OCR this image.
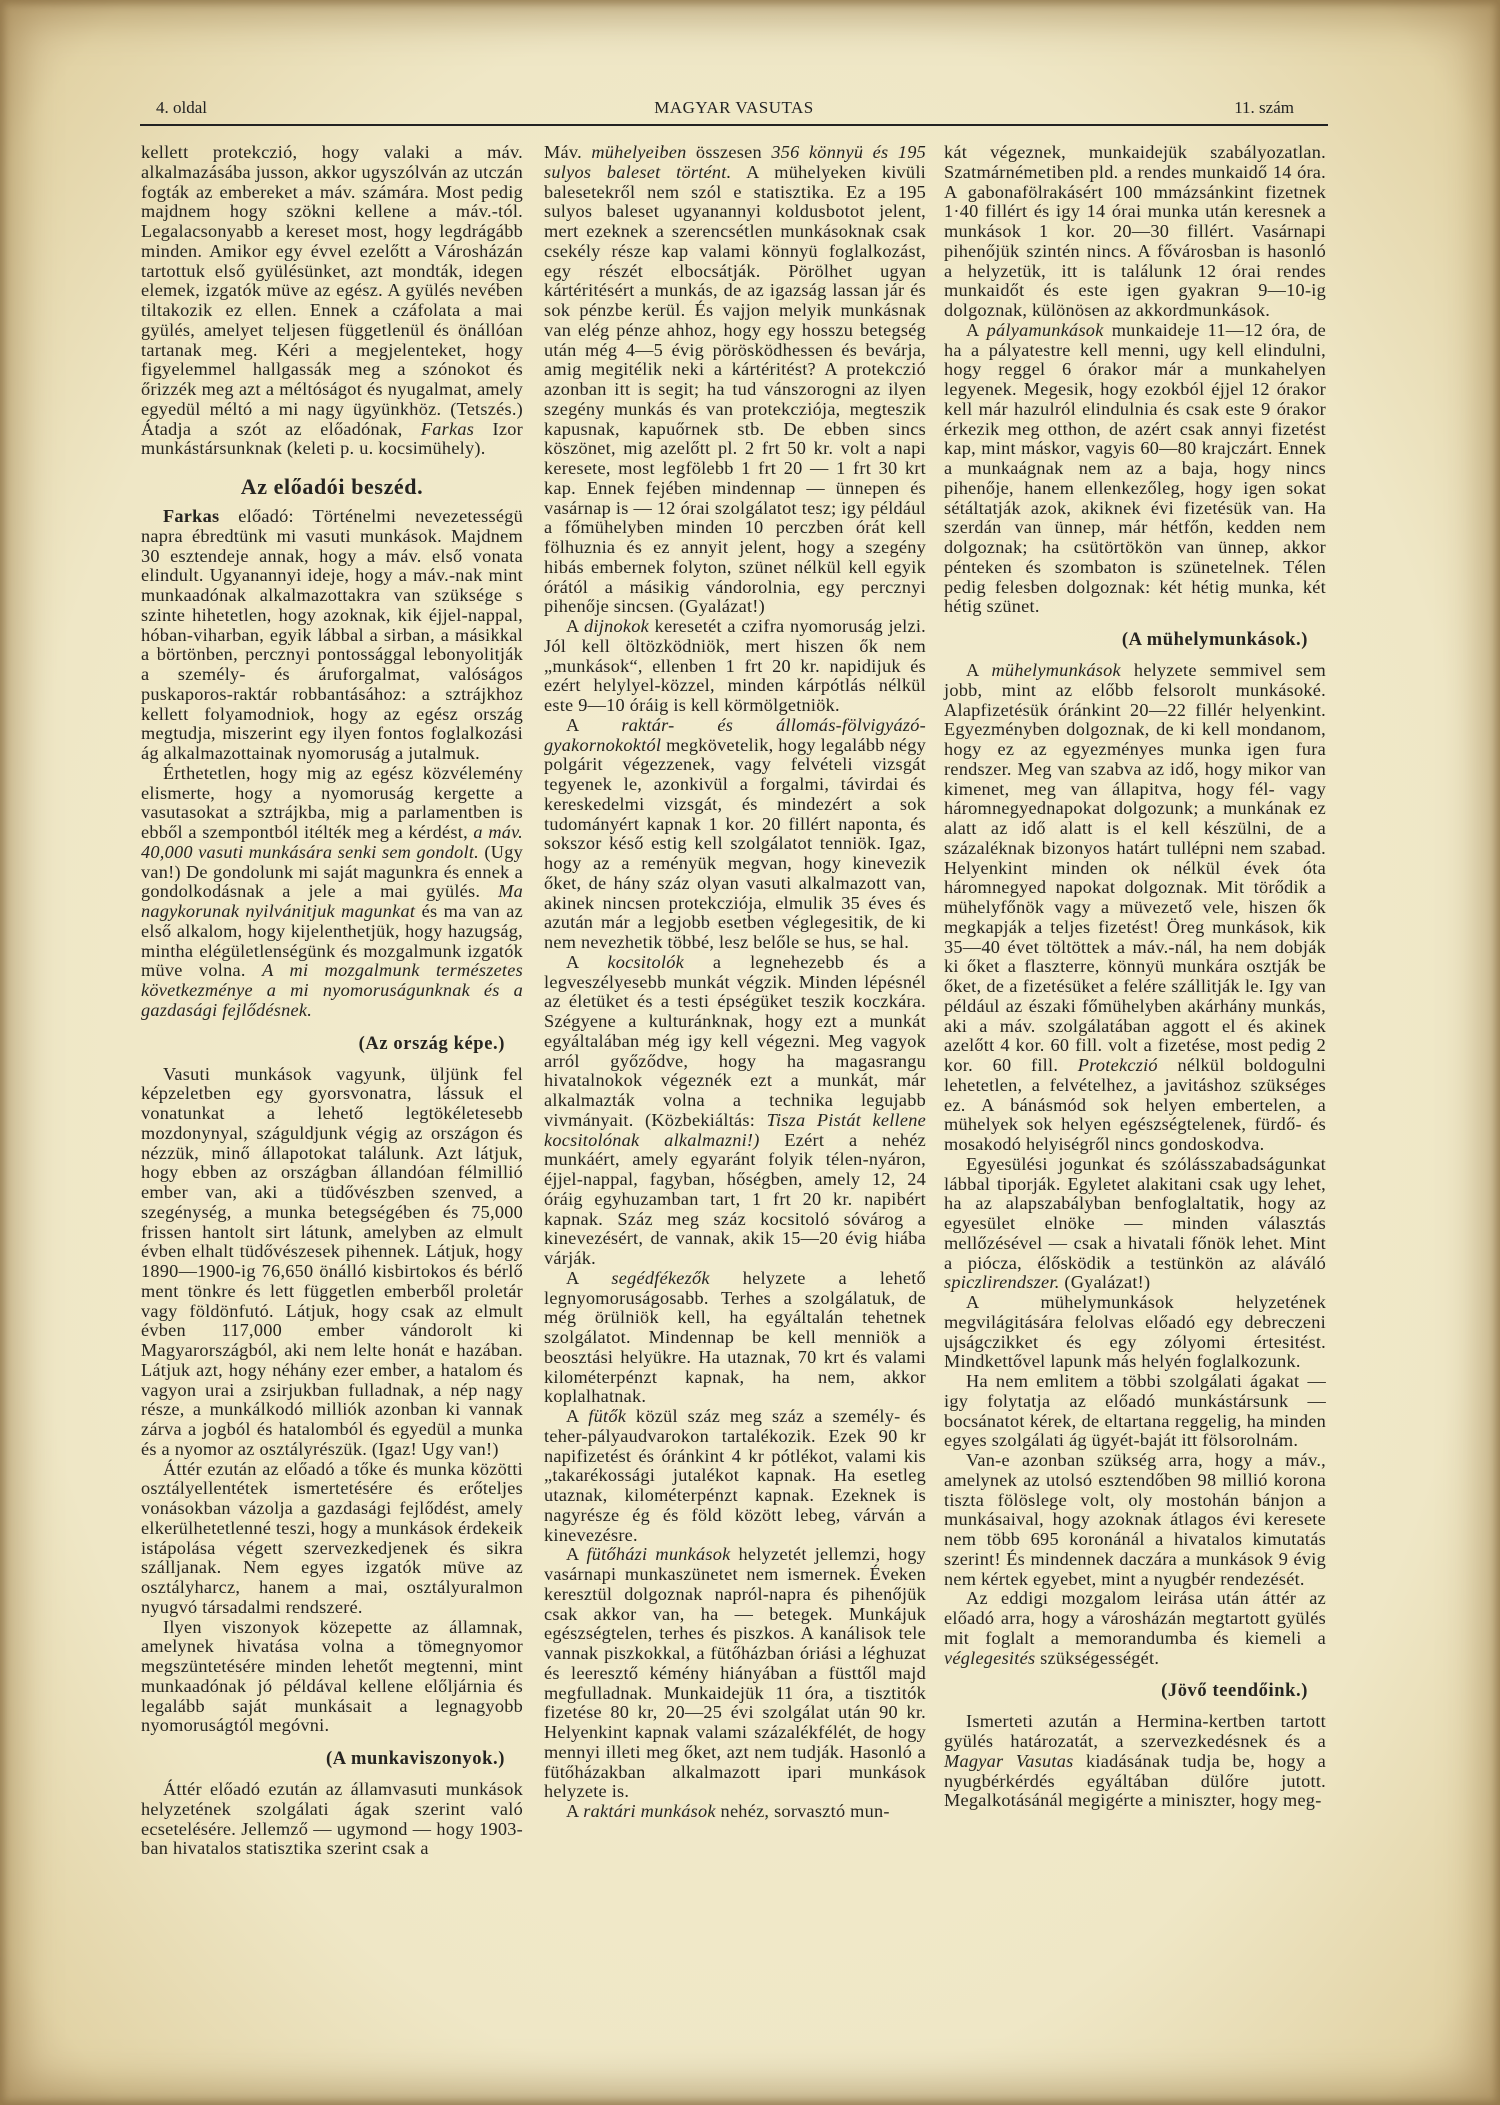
4. oldal	MAGYAR VASUTAS	11. szám

kellett protekczió, hogy valaki a máv. alkalmazásába jusson, akkor ugyszólván az utczán fogták az embereket a máv. számára. Most pedig majdnem hogy szökni kellene a máv.-tól. Legalacsonyabb a kereset most, hogy legdrágább minden. Amikor egy évvel ezelőtt a Városházán tartottuk első gyülésünket, azt mondták, idegen elemek, izgatók müve az egész. A gyülés nevében tiltakozik ez ellen. Ennek a czáfolata a mai gyülés, amelyet teljesen függetlenül és önállóan tartanak meg. Kéri a megjelenteket, hogy figyelemmel hallgassák meg a szónokot és őrizzék meg azt a méltóságot és nyugalmat, amely egyedül méltó a mi nagy ügyünkhöz. (Tetszés.) Átadja a szót az előadónak, Farkas Izor munkástársunknak (keleti p. u. kocsimühely).

Az előadói beszéd.

Farkas előadó: Történelmi nevezetességü napra ébredtünk mi vasuti munkások. Majdnem 30 esztendeje annak, hogy a máv. első vonata elindult. Ugyanannyi ideje, hogy a máv.-nak mint munkaadónak alkalmazottakra van szüksége s szinte hihetetlen, hogy azoknak, kik éjjel-nappal, hóban-viharban, egyik lábbal a sirban, a másikkal a börtönben, percznyi pontossággal lebonyolitják a személy- és áruforgalmat, valóságos puskaporos-raktár robbantásához: a sztrájkhoz kellett folyamodniok, hogy az egész ország megtudja, miszerint egy ilyen fontos foglalkozási ág alkalmazottainak nyomoruság a jutalmuk.

Érthetetlen, hogy mig az egész közvélemény elismerte, hogy a nyomoruság kergette a vasutasokat a sztrájkba, mig a parlamentben is ebből a szempontból itélték meg a kérdést, a máv. 40,000 vasuti munkására senki sem gondolt. (Ugy van!) De gondolunk mi saját magunkra és ennek a gondolkodásnak a jele a mai gyülés. Ma nagykorunak nyilvánitjuk magunkat és ma van az első alkalom, hogy kijelenthetjük, hogy hazugság, mintha elégületlenségünk és mozgalmunk izgatók müve volna. A mi mozgalmunk természetes következménye a mi nyomoruságunknak és a gazdasági fejlődésnek.

(Az ország képe.)

Vasuti munkások vagyunk, üljünk fel képzeletben egy gyorsvonatra, lássuk el vonatunkat a lehető legtökéletesebb mozdonynyal, száguldjunk végig az országon és nézzük, minő állapotokat találunk. Azt látjuk, hogy ebben az országban állandóan félmillió ember van, aki a tüdővészben szenved, a szegénység, a munka betegségében és 75,000 frissen hantolt sirt látunk, amelyben az elmult évben elhalt tüdővészesek pihennek. Látjuk, hogy 1890—1900-ig 76,650 önálló kisbirtokos és bérlő ment tönkre és lett független emberből proletár vagy földönfutó. Látjuk, hogy csak az elmult évben 117,000 ember vándorolt ki Magyarországból, aki nem lelte honát e hazában. Látjuk azt, hogy néhány ezer ember, a hatalom és vagyon urai a zsirjukban fulladnak, a nép nagy része, a munkálkodó milliók azonban ki vannak zárva a jogból és hatalomból és egyedül a munka és a nyomor az osztályrészük. (Igaz! Ugy van!)

Áttér ezután az előadó a tőke és munka közötti osztályellentétek ismertetésére és erőteljes vonásokban vázolja a gazdasági fejlődést, amely elkerülhetetlenné teszi, hogy a munkások érdekeik istápolása végett szervezkedjenek és sikra szálljanak. Nem egyes izgatók müve az osztályharcz, hanem a mai, osztályuralmon nyugvó társadalmi rendszeré.

Ilyen viszonyok közepette az államnak, amelynek hivatása volna a tömegnyomor megszüntetésére minden lehetőt megtenni, mint munkaadónak jó példával kellene előljárnia és legalább saját munkásait a legnagyobb nyomoruságtól megóvni.

(A munkaviszonyok.)

Áttér előadó ezután az államvasuti munkások helyzetének szolgálati ágak szerint való ecsetelésére. Jellemző — ugymond — hogy 1903-ban hivatalos statisztika szerint csak a

Máv. mühelyeiben összesen 356 könnyü és 195 sulyos baleset történt. A mühelyeken kivüli balesetekről nem szól e statisztika. Ez a 195 sulyos baleset ugyanannyi koldusbotot jelent, mert ezeknek a szerencsétlen munkásoknak csak csekély része kap valami könnyü foglalkozást, egy részét elbocsátják. Pörölhet ugyan kártéritésért a munkás, de az igazság lassan jár és sok pénzbe kerül. És vajjon melyik munkásnak van elég pénze ahhoz, hogy egy hosszu betegség után még 4—5 évig pörösködhessen és bevárja, amig megitélik neki a kártéritést? A protekczió azonban itt is segit; ha tud vánszorogni az ilyen szegény munkás és van protekcziója, megteszik kapusnak, kapuőrnek stb. De ebben sincs köszönet, mig azelőtt pl. 2 frt 50 kr. volt a napi keresete, most legfölebb 1 frt 20 — 1 frt 30 krt kap. Ennek fejében mindennap — ünnepen és vasárnap is — 12 órai szolgálatot tesz; igy például a főmühelyben minden 10 perczben órát kell fölhuznia és ez annyit jelent, hogy a szegény hibás embernek folyton, szünet nélkül kell egyik órától a másikig vándorolnia, egy percznyi pihenője sincsen. (Gyalázat!)

A dijnokok keresetét a czifra nyomoruság jelzi. Jól kell öltözködniök, mert hiszen ők nem „munkások“, ellenben 1 frt 20 kr. napidijuk és ezért helylyel-közzel, minden kárpótlás nélkül este 9—10 óráig is kell körmölgetniök.

A raktár- és állomás-fölvigyázó-gyakornokoktól megkövetelik, hogy legalább négy polgárit végezzenek, vagy felvételi vizsgát tegyenek le, azonkivül a forgalmi, távirdai és kereskedelmi vizsgát, és mindezért a sok tudományért kapnak 1 kor. 20 fillért naponta, és sokszor késő estig kell szolgálatot tenniök. Igaz, hogy az a reményük megvan, hogy kinevezik őket, de hány száz olyan vasuti alkalmazott van, akinek nincsen protekcziója, elmulik 35 éves és azután már a legjobb esetben véglegesitik, de ki nem nevezhetik többé, lesz belőle se hus, se hal.

A kocsitolók a legnehezebb és a legveszélyesebb munkát végzik. Minden lépésnél az életüket és a testi épségüket teszik koczkára. Szégyene a kulturánknak, hogy ezt a munkát egyáltalában még igy kell végezni. Meg vagyok arról győződve, hogy ha magasrangu hivatalnokok végeznék ezt a munkát, már alkalmazták volna a technika legujabb vivmányait. (Közbekiáltás: Tisza Pistát kellene kocsitolónak alkalmazni!) Ezért a nehéz munkáért, amely egyaránt folyik télen-nyáron, éjjel-nappal, fagyban, hőségben, amely 12, 24 óráig egyhuzamban tart, 1 frt 20 kr. napibért kapnak. Száz meg száz kocsitoló sóvárog a kinevezésért, de vannak, akik 15—20 évig hiába várják.

A segédfékezők helyzete a lehető legnyomoruságosabb. Terhes a szolgálatuk, de még örülniök kell, ha egyáltalán tehetnek szolgálatot. Mindennap be kell menniök a beosztási helyükre. Ha utaznak, 70 krt és valami kilométerpénzt kapnak, ha nem, akkor koplalhatnak.

A fütők közül száz meg száz a személy- és teher-pályaudvarokon tartalékozik. Ezek 90 kr napifizetést és óránkint 4 kr pótlékot, valami kis „takarékossági jutalékot kapnak. Ha esetleg utaznak, kilométerpénzt kapnak. Ezeknek is nagyrésze ég és föld között lebeg, várván a kinevezésre.

A fütőházi munkások helyzetét jellemzi, hogy vasárnapi munkaszünetet nem ismernek. Éveken keresztül dolgoznak napról-napra és pihenőjük csak akkor van, ha — betegek. Munkájuk egészségtelen, terhes és piszkos. A kanálisok tele vannak piszkokkal, a fütőházban óriási a léghuzat és leeresztő kémény hiányában a füsttől majd megfulladnak. Munkaidejük 11 óra, a tisztitók fizetése 80 kr, 20—25 évi szolgálat után 90 kr. Helyenkint kapnak valami százalékfélét, de hogy mennyi illeti meg őket, azt nem tudják. Hasonló a fütőházakban alkalmazott ipari munkások helyzete is.

A raktári munkások nehéz, sorvasztó mun-

kát végeznek, munkaidejük szabályozatlan. Szatmárnémetiben pld. a rendes munkaidő 14 óra. A gabonafölrakásért 100 mmázsánkint fizetnek 1·40 fillért és igy 14 órai munka után keresnek a munkások 1 kor. 20—30 fillért. Vasárnapi pihenőjük szintén nincs. A fővárosban is hasonló a helyzetük, itt is találunk 12 órai rendes munkaidőt és este igen gyakran 9—10-ig dolgoznak, különösen az akkordmunkások.

A pályamunkások munkaideje 11—12 óra, de ha a pályatestre kell menni, ugy kell elindulni, hogy reggel 6 órakor már a munkahelyen legyenek. Megesik, hogy ezokból éjjel 12 órakor kell már hazulról elindulnia és csak este 9 órakor érkezik meg otthon, de azért csak annyi fizetést kap, mint máskor, vagyis 60—80 krajczárt. Ennek a munkaágnak nem az a baja, hogy nincs pihenője, hanem ellenkezőleg, hogy igen sokat sétáltatják azok, akiknek évi fizetésük van. Ha szerdán van ünnep, már hétfőn, kedden nem dolgoznak; ha csütörtökön van ünnep, akkor pénteken és szombaton is szünetelnek. Télen pedig felesben dolgoznak: két hétig munka, két hétig szünet.

(A mühelymunkások.)

A mühelymunkások helyzete semmivel sem jobb, mint az előbb felsorolt munkásoké. Alapfizetésük óránkint 20—22 fillér helyenkint. Egyezményben dolgoznak, de ki kell mondanom, hogy ez az egyezményes munka igen fura rendszer. Meg van szabva az idő, hogy mikor van kimenet, meg van állapitva, hogy fél- vagy háromnegyednapokat dolgozunk; a munkának ez alatt az idő alatt is el kell készülni, de a százaléknak bizonyos határt tullépni nem szabad. Helyenkint minden ok nélkül évek óta háromnegyed napokat dolgoznak. Mit törődik a mühelyfőnök vagy a müvezető vele, hiszen ők megkapják a teljes fizetést! Öreg munkások, kik 35—40 évet töltöttek a máv.-nál, ha nem dobják ki őket a flaszterre, könnyü munkára osztják be őket, de a fizetésüket a felére szállitják le. Igy van például az északi főmühelyben akárhány munkás, aki a máv. szolgálatában aggott el és akinek azelőtt 4 kor. 60 fill. volt a fizetése, most pedig 2 kor. 60 fill. Protekczió nélkül boldogulni lehetetlen, a felvételhez, a javitáshoz szükséges ez. A bánásmód sok helyen embertelen, a mühelyek sok helyen egészségtelenek, fürdő- és mosakodó helyiségről nincs gondoskodva.

Egyesülési jogunkat és szólásszabadságunkat lábbal tiporják. Egyletet alakitani csak ugy lehet, ha az alapszabályban benfoglaltatik, hogy az egyesület elnöke — minden választás mellőzésével — csak a hivatali főnök lehet. Mint a piócza, élősködik a testünkön az aláváló spiczlirendszer. (Gyalázat!)

A mühelymunkások helyzetének megvilágitására felolvas előadó egy debreczeni ujságczikket és egy zólyomi értesitést. Mindkettővel lapunk más helyén foglalkozunk.

Ha nem emlitem a többi szolgálati ágakat — igy folytatja az előadó munkástársunk — bocsánatot kérek, de eltartana reggelig, ha minden egyes szolgálati ág ügyét-baját itt fölsorolnám.

Van-e azonban szükség arra, hogy a máv., amelynek az utolsó esztendőben 98 millió korona tiszta fölöslege volt, oly mostohán bánjon a munkásaival, hogy azoknak átlagos évi keresete nem több 695 koronánál a hivatalos kimutatás szerint! És mindennek daczára a munkások 9 évig nem kértek egyebet, mint a nyugbér rendezését.

Az eddigi mozgalom leirása után áttér az előadó arra, hogy a városházán megtartott gyülés mit foglalt a memorandumba és kiemeli a véglegesités szükségességét.

(Jövő teendőink.)

Ismerteti azután a Hermina-kertben tartott gyülés határozatát, a szervezkedésnek és a Magyar Vasutas kiadásának tudja be, hogy a nyugbérkérdés egyáltában dülőre jutott. Megalkotásánál megigérte a miniszter, hogy meg-
